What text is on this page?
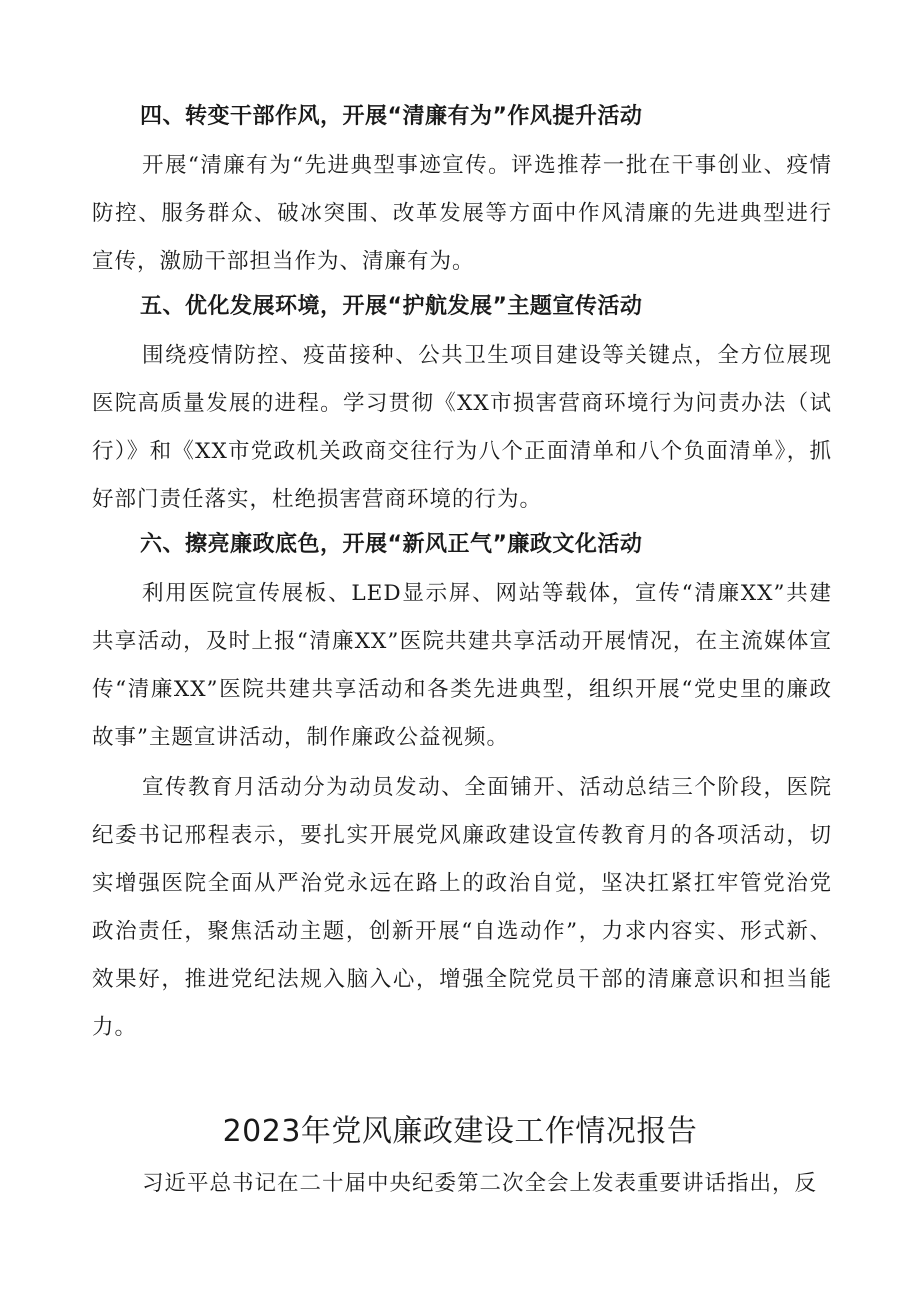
四、转变干部作风，开展“清廉有为”作风提升活动

开展“清廉有为“先进典型事迹宣传。评选推荐一批在干事创业、疫情防控、服务群众、破冰突围、改革发展等方面中作风清廉的先进典型进行宣传，激励干部担当作为、清廉有为。

五、优化发展环境，开展“护航发展”主题宣传活动

围绕疫情防控、疫苗接种、公共卫生项目建设等关键点，全方位展现医院高质量发展的进程。学习贯彻《XX市损害营商环境行为问责办法（试行）》和《XX市党政机关政商交往行为八个正面清单和八个负面清单》，抓好部门责任落实，杜绝损害营商环境的行为。

六、擦亮廉政底色，开展“新风正气”廉政文化活动

利用医院宣传展板、LED显示屏、网站等载体，宣传“清廉XX”共建共享活动，及时上报“清廉XX”医院共建共享活动开展情况，在主流媒体宣传“清廉XX”医院共建共享活动和各类先进典型，组织开展“党史里的廉政故事”主题宣讲活动，制作廉政公益视频。

宣传教育月活动分为动员发动、全面铺开、活动总结三个阶段，医院纪委书记邢程表示，要扎实开展党风廉政建设宣传教育月的各项活动，切实增强医院全面从严治党永远在路上的政治自觉，坚决扛紧扛牢管党治党政治责任，聚焦活动主题，创新开展“自选动作”，力求内容实、形式新、效果好，推进党纪法规入脑入心，增强全院党员干部的清廉意识和担当能力。

2023年党风廉政建设工作情况报告

习近平总书记在二十届中央纪委第二次全会上发表重要讲话指出，反
